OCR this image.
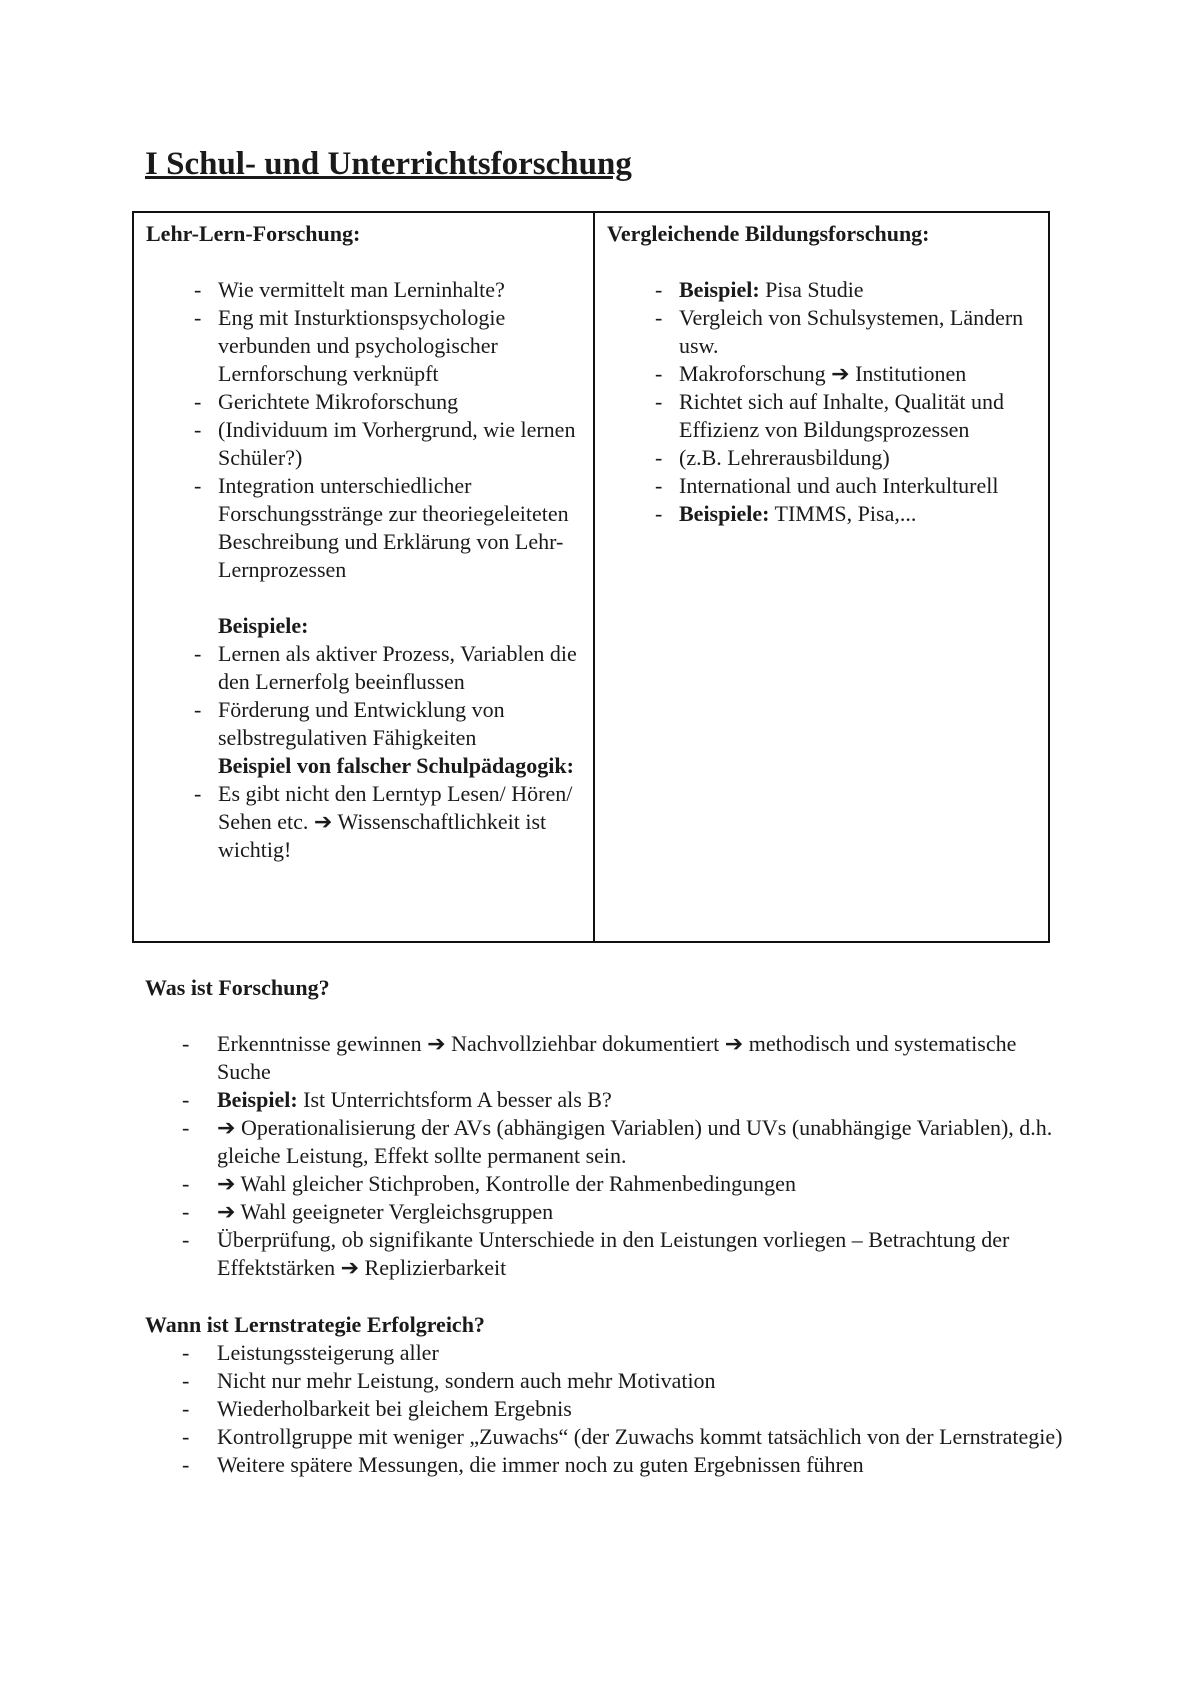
I Schul- und Unterrichtsforschung

Lehr-Lern-Forschung:

- Wie vermittelt man Lerninhalte?
- Eng mit Insturktionspsychologie verbunden und psychologischer Lernforschung verknüpft
- Gerichtete Mikroforschung
- (Individuum im Vorhergrund, wie lernen Schüler?)
- Integration unterschiedlicher Forschungsstränge zur theoriegeleiteten Beschreibung und Erklärung von Lehr-Lernprozessen
Beispiele:
- Lernen als aktiver Prozess, Variablen die den Lernerfolg beeinflussen
- Förderung und Entwicklung von selbstregulativen Fähigkeiten
Beispiel von falscher Schulpädagogik:
- Es gibt nicht den Lerntyp Lesen/ Hören/ Sehen etc. ➔ Wissenschaftlichkeit ist wichtig!

Vergleichende Bildungsforschung:

- Beispiel: Pisa Studie
- Vergleich von Schulsystemen, Ländern usw.
- Makroforschung ➔ Institutionen
- Richtet sich auf Inhalte, Qualität und Effizienz von Bildungsprozessen
- (z.B. Lehrerausbildung)
- International und auch Interkulturell
- Beispiele: TIMMS, Pisa,...

Was ist Forschung?

- Erkenntnisse gewinnen ➔ Nachvollziehbar dokumentiert ➔ methodisch und systematische Suche
- Beispiel: Ist Unterrichtsform A besser als B?
- ➔ Operationalisierung der AVs (abhängigen Variablen) und UVs (unabhängige Variablen), d.h. gleiche Leistung, Effekt sollte permanent sein.
- ➔ Wahl gleicher Stichproben, Kontrolle der Rahmenbedingungen
- ➔ Wahl geeigneter Vergleichsgruppen
- Überprüfung, ob signifikante Unterschiede in den Leistungen vorliegen – Betrachtung der Effektstärken ➔ Replizierbarkeit

Wann ist Lernstrategie Erfolgreich?

- Leistungssteigerung aller
- Nicht nur mehr Leistung, sondern auch mehr Motivation
- Wiederholbarkeit bei gleichem Ergebnis
- Kontrollgruppe mit weniger „Zuwachs“ (der Zuwachs kommt tatsächlich von der Lernstrategie)
- Weitere spätere Messungen, die immer noch zu guten Ergebnissen führen
